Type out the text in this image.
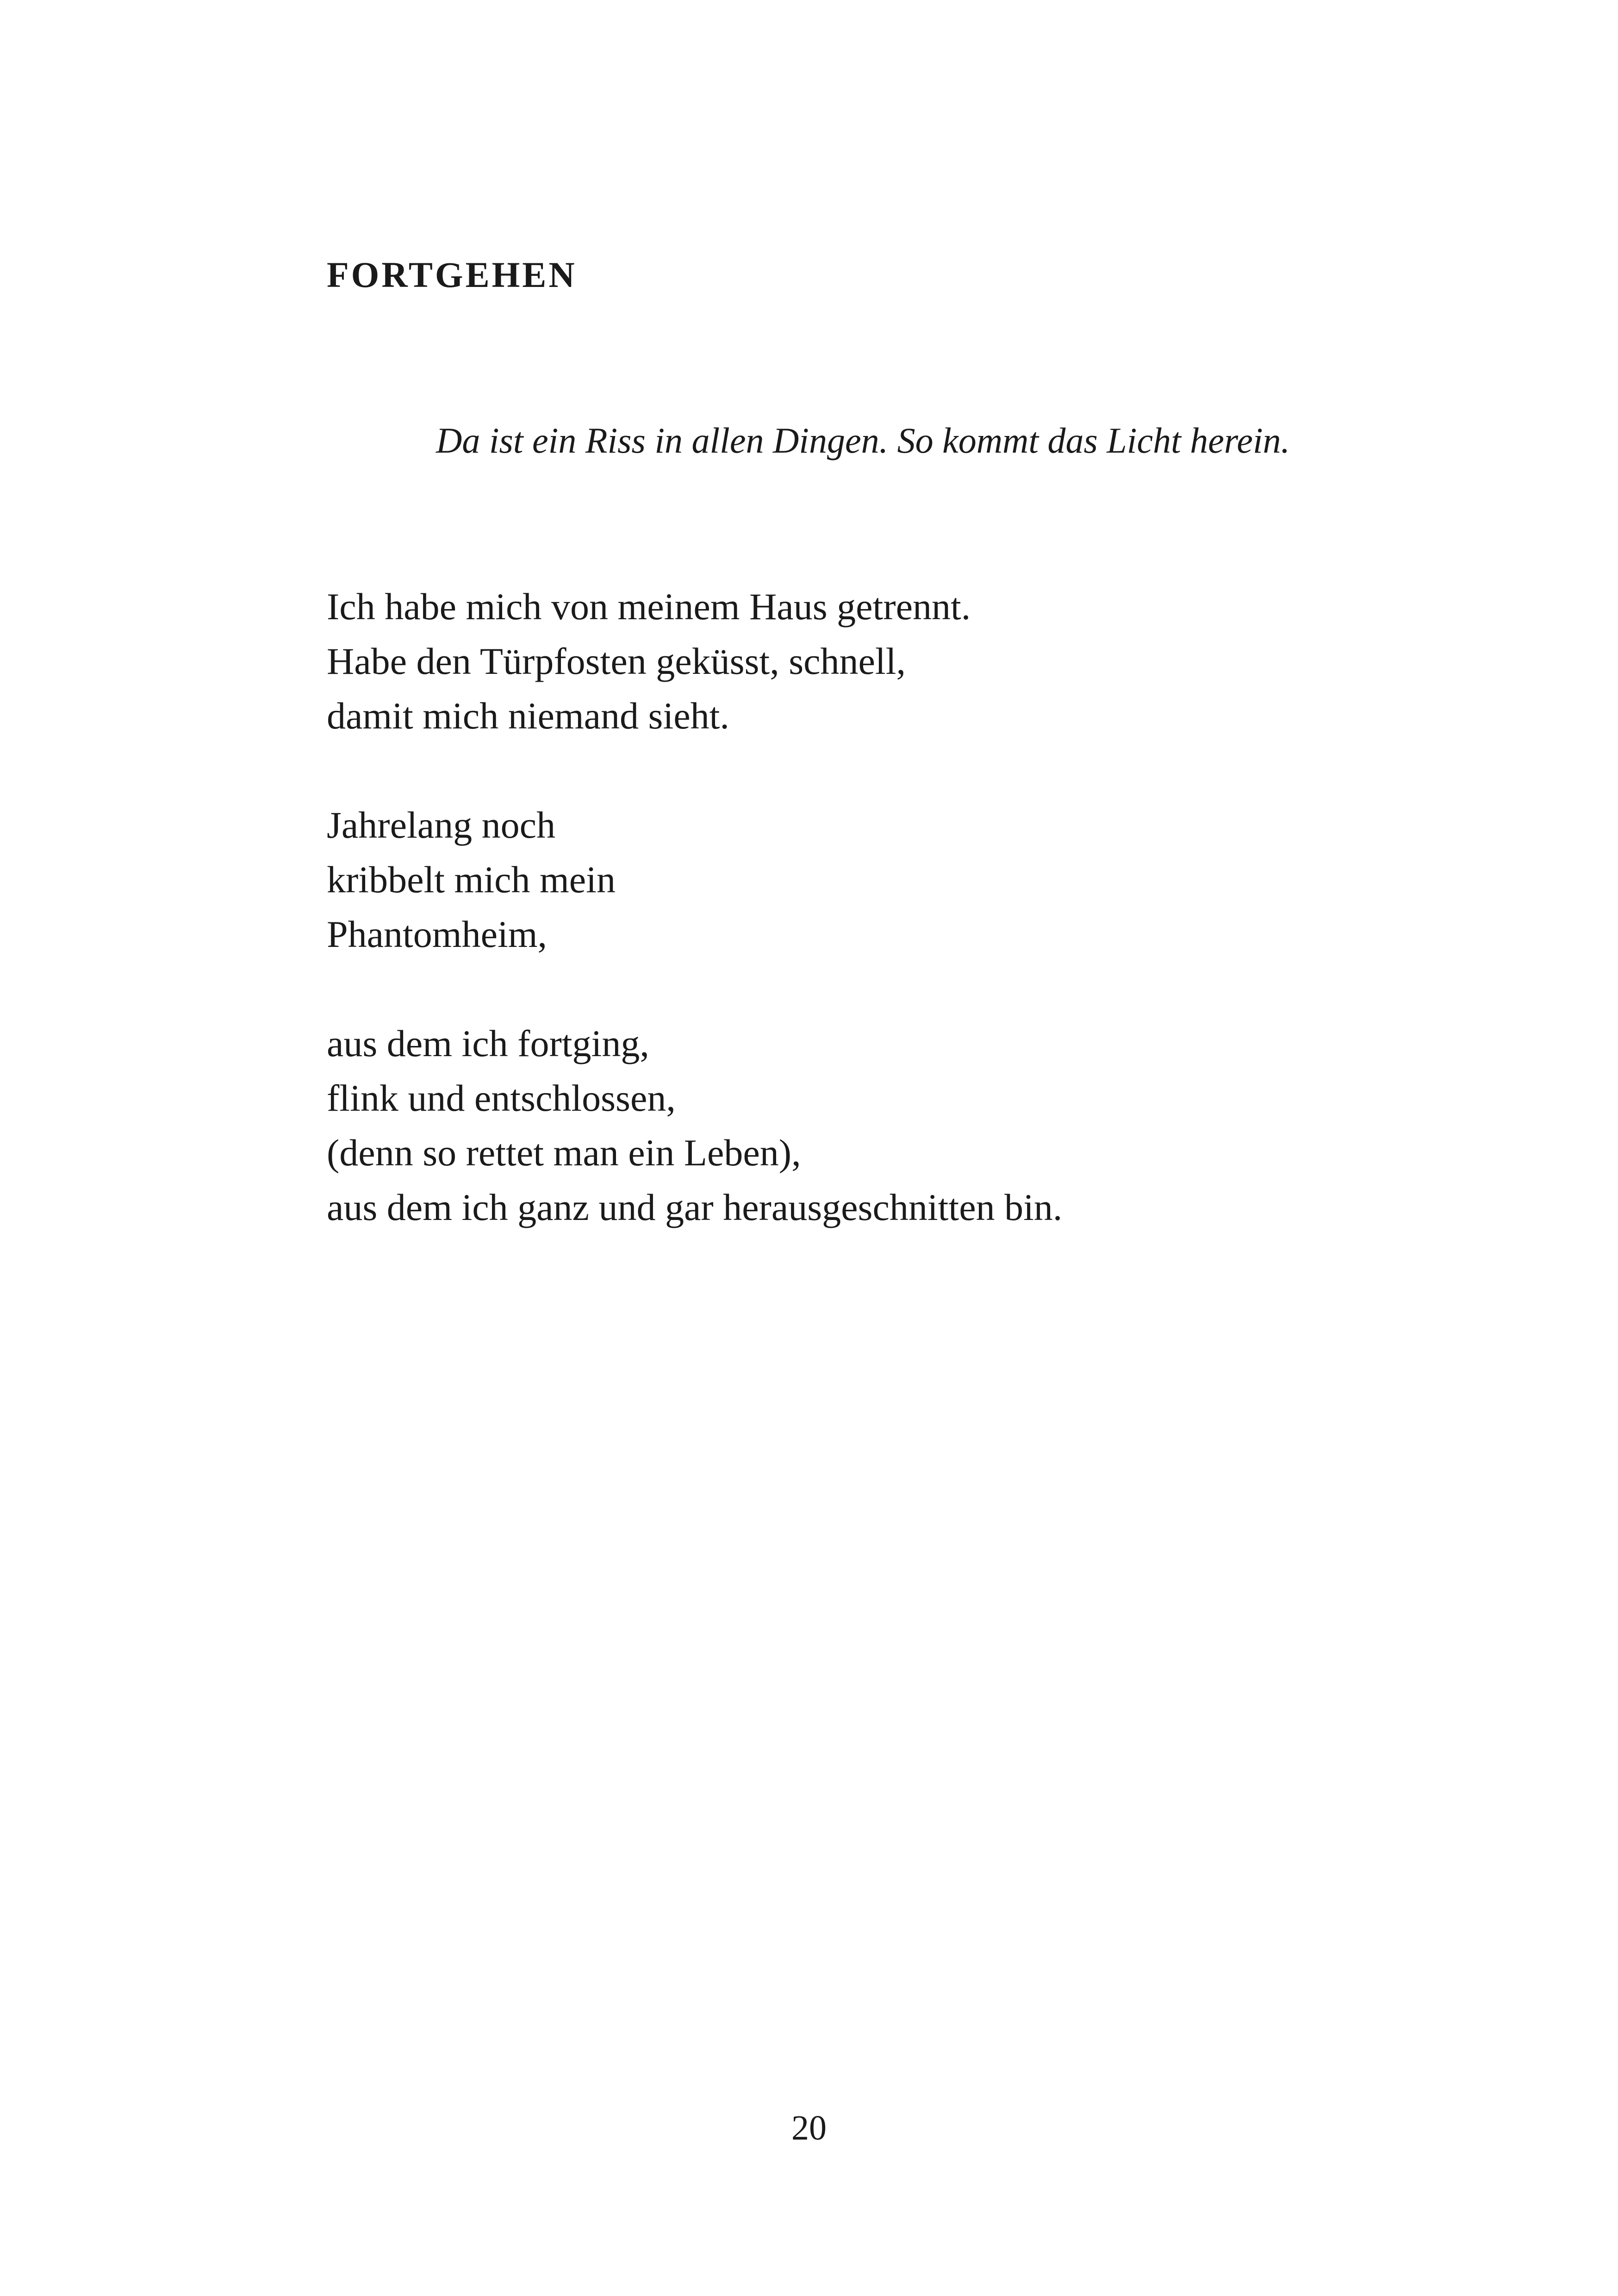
FORTGEHEN

Da ist ein Riss in allen Dingen. So kommt das Licht herein.

Ich habe mich von meinem Haus getrennt.
Habe den Türpfosten geküsst, schnell,
damit mich niemand sieht.

Jahrelang noch
kribbelt mich mein
Phantomheim,

aus dem ich fortging,
flink und entschlossen,
(denn so rettet man ein Leben),
aus dem ich ganz und gar herausgeschnitten bin.

20
